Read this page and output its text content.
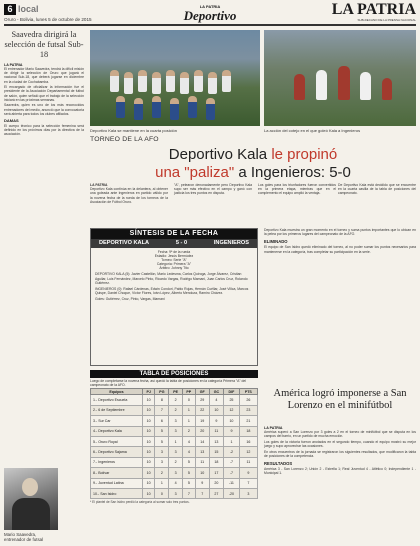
6 local
Oruro - Bolivia, lunes 5 de octubre de 2015
LA PATRIA
Deportivo	LA PATRIA
SUB-DECANO DE LA PRENSA NACIONAL
Saavedra dirigirá la selección de futsal Sub-18
LA PATRIA

El entrenador Mario Saavedra, tendrá la difícil misión de dirigir la selección de Oruro que jugará el nacional Sub-18, que deberá jugarse en diciembre en la ciudad de Cochabamba.

El encargado de oficializar la información fue el presidente de la Asociación Departamental de futbol de salón, quien señaló que el trabajo de la selección iniciará en las próximas semanas.

Saavedra, quien es uno de los más reconocidos entrenadores del medio, anunció que la convocatoria será abierta para todos los clubes afiliados.

DAMAS
El cuerpo técnico para la selección femenina será definido en los próximos días por la directiva de la asociación.
Mario Saavedra, entrenador de futsal
Deportivo Kala se mantiene en la cuarta posición	La acción del cotejo en el que goleó Kala a Ingenieros
TORNEO DE LA AFO
Deportivo Kala le propinó
una "paliza" a Ingenieros: 5-0
LA PATRIA
Deportivo Kala continúa en la delantera, al obtener una goleada ante Ingenieros en partido válido por la novena fecha de la rueda de los torneos de la Asociación de Fútbol Oruro.
"A", pelearon denonadamente pero Deportivo Kala supo ser más efectivo en el campo y ganó con justicia los tres puntos en disputa.
Los goles para los triunfadores fueron convertidos en la primera etapa, mientras que en el complemento el equipo amplió la ventaja.
De Deportivo Kala está decidido que se encuentre en la cuarta casilla de la tabla de posiciones del campeonato.
SÍNTESIS DE LA FECHA
DEPORTIVO KALA	5 - 0	INGENIEROS
Fecha: 9ª de la rueda
Estadio: Jesús Bermúdez
Torneo: Serie "A"
Categoría: Primera "A"
Árbitro: Johnny Tito
DEPORTIVO KALA (5): Javier Castellón, Mario Ledesma, Carlos Quiroga, Jorge Álvarez, Cristian Aguilar, Luis Fernández, Marcelo Pinto, Ricardo Vargas, Rodrigo Mamani, Juan Carlos Cruz, Rolando Gutiérrez.
INGENIEROS (0): Rafael Cárdenas, Edwin Condori, Pablo Rojas, Hernán Cuéllar, José Villca, Marcos Quispe, Daniel Choque, Víctor Flores, Iván López, Alberto Mendoza, Ramiro Chávez.
Goles: Gutiérrez, Cruz, Pinto, Vargas, Mamani
TABLA DE POSICIONES
Luego de completarse la novena fecha, así quedó la tabla de posiciones en la categoría Primera "A" del campeonato de la AFO.
Equipos	PJ	PG	PE	PP	GF	GC	DIF	PTS
1.- Deportivo Escuela	10	8	2	0	29	4	25	26
2.- 6 de Septiembre	10	7	2	1	22	10	12	23
3.- Sur Car	10	6	3	1	19	9	10	21
4.- Deportivo Kala	10	5	3	2	20	11	9	18
5.- Oruro Royal	10	5	1	4	14	13	1	16
6.- Deportivo Sajama	10	3	3	4	13	15	-2	12
7.- Ingenieros	10	3	2	5	11	18	-7	11
8.- Bolívar	10	2	3	5	10	17	-7	9
9.- Juventud Latina	10	1	4	5	9	20	-11	7
10.- San Isidro	10	0	3	7	7	27	-20	3
* El plantel de San Isidro perdió la categoría al sumar solo tres puntos.
Deportivo Kala muestra un gran momento en el torneo y suma puntos importantes que lo ubican en la pelea por los primeros lugares del campeonato de la AFO.
ELIMINADO
El equipo de San Isidro quedó eliminado del torneo, al no poder sumar los puntos necesarios para mantenerse en la categoría, tras completar su participación en la serie.
América logró imponerse a San Lorenzo en el minifútbol
LA PATRIA

América superó a San Lorenzo por 3 goles a 2 en el torneo de minifútbol que se disputa en los campos del barrio, en un partido de mucha emoción.

Los goles de la victoria fueron anotados en el segundo tiempo, cuando el equipo mostró su mejor juego y supo aprovechar las ocasiones.

En otros encuentros de la jornada se registraron los siguientes resultados, que modificaron la tabla de posiciones de la competencia.

RESULTADOS
América 3 - San Lorenzo 2; Unión 2 - Estrella 1; Real Juventud 4 - Atlético 0; Independiente 1 - Municipal 1.
